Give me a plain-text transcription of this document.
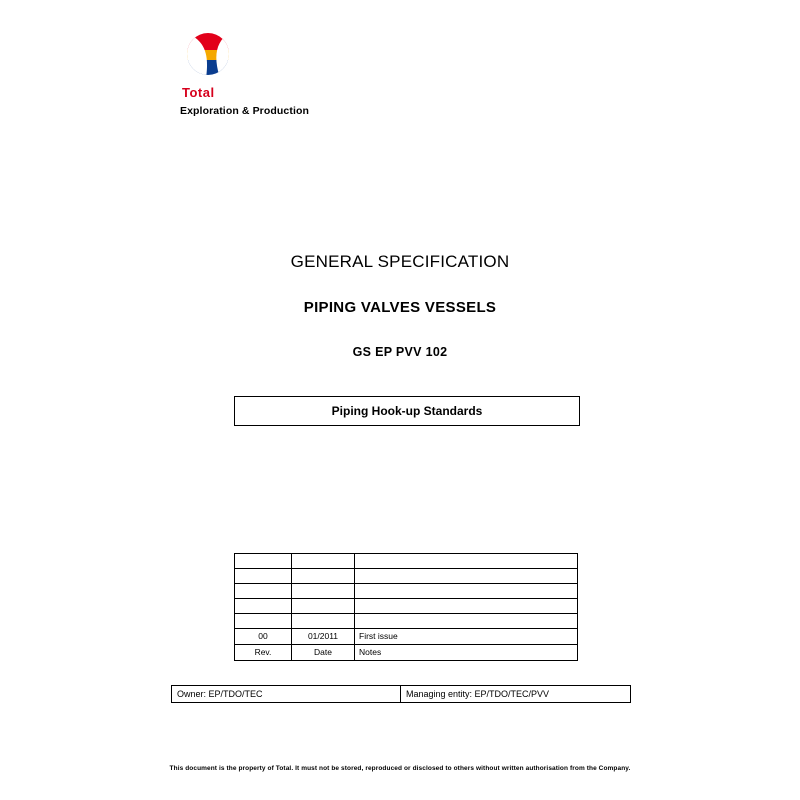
Total
Exploration & Production
GENERAL SPECIFICATION
PIPING VALVES VESSELS
GS EP PVV 102
Piping Hook-up Standards

00	01/2011	First issue
Rev.	Date	Notes
Owner: EP/TDO/TEC	Managing entity: EP/TDO/TEC/PVV
This document is the property of Total. It must not be stored, reproduced or disclosed to others without written authorisation from the Company.
